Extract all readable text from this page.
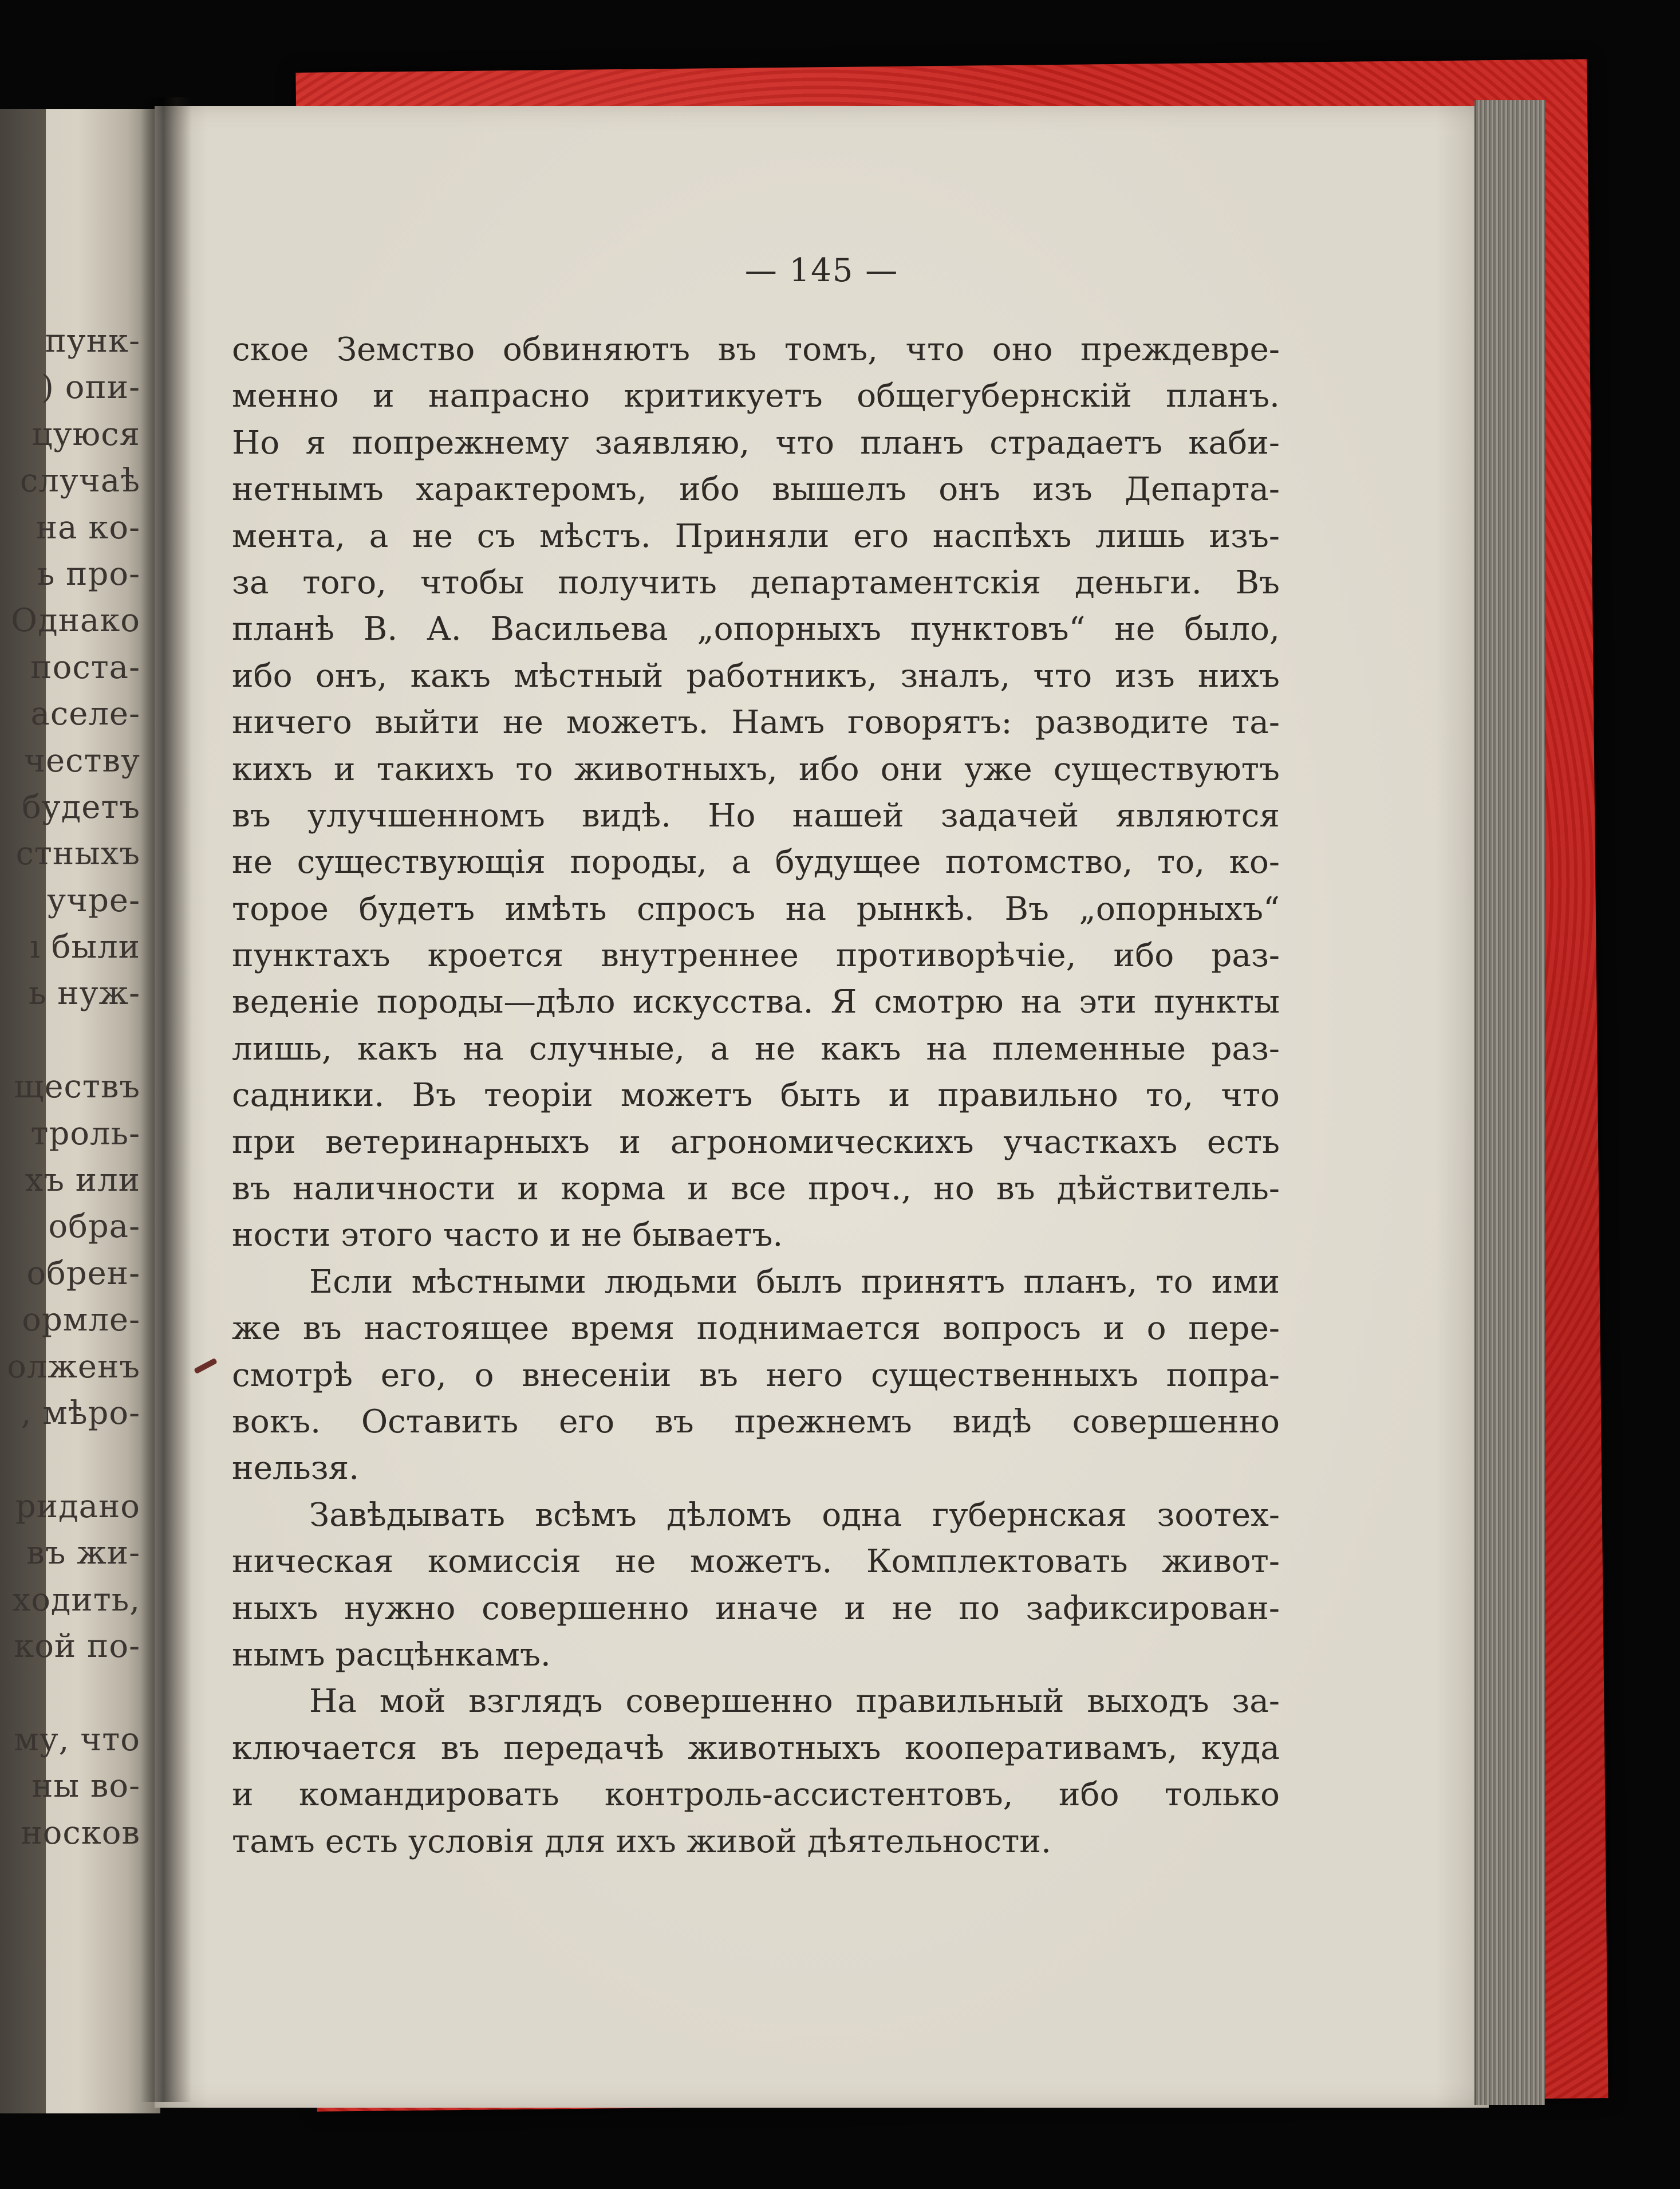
пунк-
) опи-
цуюся
случаѣ
на ко-
ь про-
Однако
поста-
аселе-
честву
будетъ
стныхъ
учре-
ı были
ь нуж-
ществъ
троль-
хъ или
обра-
обрен-
ормле-
олженъ
, мѣро-
ридано
въ жи-
ходить,
кой по-
му, что
ны во-
носков
— 145 —
ское Земство обвиняютъ въ томъ, что оно преждевре-
менно и напрасно критикуетъ общегубернскій планъ.
Но я попрежнему заявляю, что планъ страдаетъ каби-
нетнымъ характеромъ, ибо вышелъ онъ изъ Департа-
мента, а не съ мѣстъ. Приняли его наспѣхъ лишь изъ-
за того, чтобы получить департаментскія деньги. Въ
планѣ В. А. Васильева „опорныхъ пунктовъ“ не было,
ибо онъ, какъ мѣстный работникъ, зналъ, что изъ нихъ
ничего выйти не можетъ. Намъ говорятъ: разводите та-
кихъ и такихъ то животныхъ, ибо они уже существуютъ
въ улучшенномъ видѣ. Но нашей задачей являются
не существующія породы, а будущее потомство, то, ко-
торое будетъ имѣть спросъ на рынкѣ. Въ „опорныхъ“
пунктахъ кроется внутреннее противорѣчіе, ибо раз-
веденіе породы—дѣло искусства. Я смотрю на эти пункты
лишь, какъ на случные, а не какъ на племенные раз-
садники. Въ теоріи можетъ быть и правильно то, что
при ветеринарныхъ и агрономическихъ участкахъ есть
въ наличности и корма и все проч., но въ дѣйствитель-
ности этого часто и не бываетъ.
Если мѣстными людьми былъ принятъ планъ, то ими
же въ настоящее время поднимается вопросъ и о пере-
смотрѣ его, о внесеніи въ него существенныхъ попра-
вокъ. Оставить его въ прежнемъ видѣ совершенно
нельзя.
Завѣдывать всѣмъ дѣломъ одна губернская зоотех-
ническая комиссія не можетъ. Комплектовать живот-
ныхъ нужно совершенно иначе и не по зафиксирован-
нымъ расцѣнкамъ.
На мой взглядъ совершенно правильный выходъ за-
ключается въ передачѣ животныхъ кооперативамъ, куда
и командировать контроль-ассистентовъ, ибо только
тамъ есть условія для ихъ живой дѣятельности.
